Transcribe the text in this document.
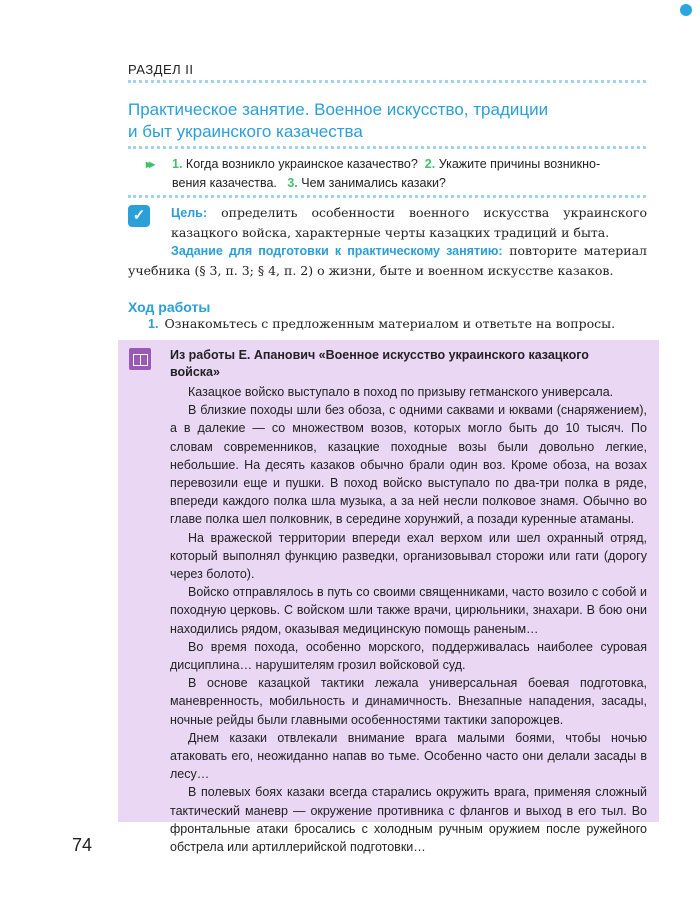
РАЗДЕЛ II
Практическое занятие. Военное искусство, традиции
и быт украинского казачества
▸▸ 1. Когда возникло украинское казачество? 2. Укажите причины возникно-
вения казачества. 3. Чем занимались казаки?
✓	Цель: определить особенности военного искусства украинского казацкого войска, характерные черты казацких традиций и быта.
Задание для подготовки к практическому занятию: повторите материал учебника (§ 3, п. 3; § 4, п. 2) о жизни, быте и военном искусстве казаков.
Ход работы
1. Ознакомьтесь с предложенным материалом и ответьте на вопросы.
Из работы Е. Апанович «Военное искусство украинского казацкого войска»

Казацкое войско выступало в поход по призыву гетманского универсала.

В близкие походы шли без обоза, с одними саквами и юквами (снаряжением), а в далекие — со множеством возов, которых могло быть до 10 тысяч. По словам современников, казацкие походные возы были довольно легкие, небольшие. На десять казаков обычно брали один воз. Кроме обоза, на возах перевозили еще и пушки. В поход войско выступало по два-три полка в ряде, впереди каждого полка шла музыка, а за ней несли полковое знамя. Обычно во главе полка шел полковник, в середине хорунжий, а позади куренные атаманы.

На вражеской территории впереди ехал верхом или шел охранный отряд, который выполнял функцию разведки, организовывал сторожи или гати (дорогу через болото).

Войско отправлялось в путь со своими священниками, часто возило с собой и походную церковь. С войском шли также врачи, цирюльники, знахари. В бою они находились рядом, оказывая медицинскую помощь раненым…

Во время похода, особенно морского, поддерживалась наиболее суровая дисциплина… нарушителям грозил войсковой суд.

В основе казацкой тактики лежала универсальная боевая подготовка, маневренность, мобильность и динамичность. Внезапные нападения, засады, ночные рейды были главными особенностями тактики запорожцев.

Днем казаки отвлекали внимание врага малыми боями, чтобы ночью атаковать его, неожиданно напав во тьме. Особенно часто они делали засады в лесу…

В полевых боях казаки всегда старались окружить врага, применяя сложный тактический маневр — окружение противника с флангов и выход в его тыл. Во фронтальные атаки бросались с холодным ручным оружием после ружейного обстрела или артиллерийской подготовки…

74
